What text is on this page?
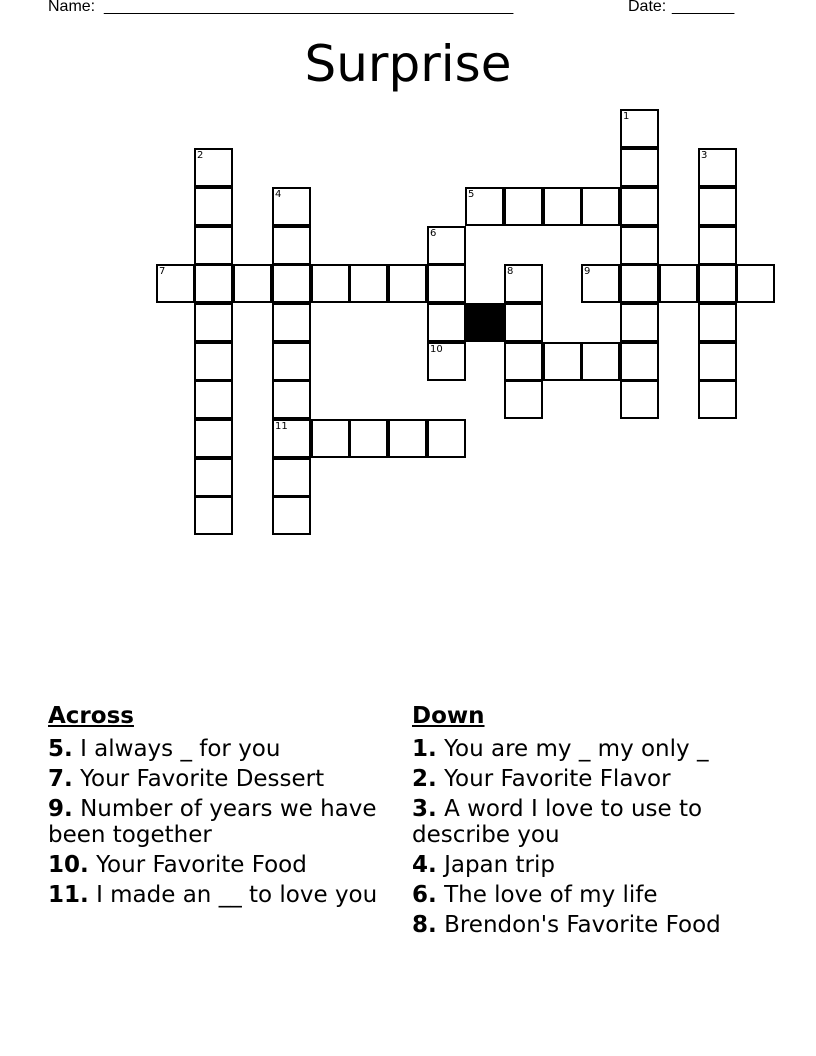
Name: ______________________________________________	Date: _______
Surprise
1
2	3
4
11
5
6
10
7	8	9
Across
5. I always _ for you
7. Your Favorite Dessert
9. Number of years we have been together
10. Your Favorite Food
11. I made an __ to love you
Down
1. You are my _ my only _
2. Your Favorite Flavor
3. A word I love to use to describe you
4. Japan trip
6. The love of my life
8. Brendon's Favorite Food
